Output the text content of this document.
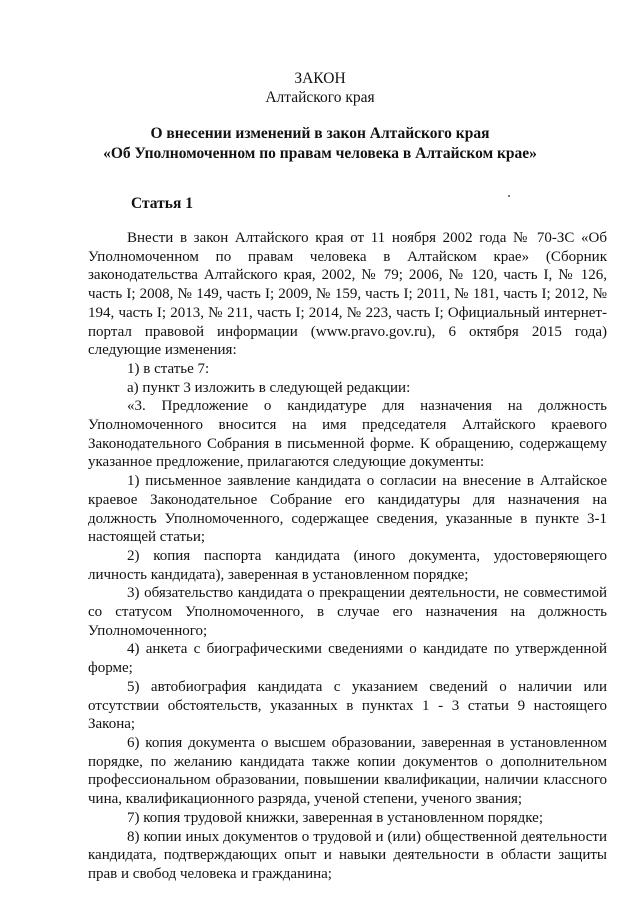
ЗАКОН
Алтайского края
О внесении изменений в закон Алтайского края
«Об Уполномоченном по правам человека в Алтайском крае»
Статья 1

Внести в закон Алтайского края от 11 ноября 2002 года № 70-ЗС «Об Уполномоченном по правам человека в Алтайском крае» (Сборник законодательства Алтайского края, 2002, № 79; 2006, № 120, часть I, № 126, часть I; 2008, № 149, часть I; 2009, № 159, часть I; 2011, № 181, часть I; 2012, № 194, часть I; 2013, № 211, часть I; 2014, № 223, часть I; Официальный интернет-портал правовой информации (www.pravo.gov.ru), 6 октября 2015 года) следующие изменения:

1) в статье 7:

а) пункт 3 изложить в следующей редакции:

«3. Предложение о кандидатуре для назначения на должность Уполномоченного вносится на имя председателя Алтайского краевого Законодательного Собрания в письменной форме. К обращению, содержащему указанное предложение, прилагаются следующие документы:

1) письменное заявление кандидата о согласии на внесение в Алтайское краевое Законодательное Собрание его кандидатуры для назначения на должность Уполномоченного, содержащее сведения, указанные в пункте 3-1 настоящей статьи;

2) копия паспорта кандидата (иного документа, удостоверяющего личность кандидата), заверенная в установленном порядке;

3) обязательство кандидата о прекращении деятельности, не совместимой со статусом Уполномоченного, в случае его назначения на должность Уполномоченного;

4) анкета с биографическими сведениями о кандидате по утвержденной форме;

5) автобиография кандидата с указанием сведений о наличии или отсутствии обстоятельств, указанных в пунктах 1 - 3 статьи 9 настоящего Закона;

6) копия документа о высшем образовании, заверенная в установленном порядке, по желанию кандидата также копии документов о дополнительном профессиональном образовании, повышении квалификации, наличии классного чина, квалификационного разряда, ученой степени, ученого звания;

7) копия трудовой книжки, заверенная в установленном порядке;

8) копии иных документов о трудовой и (или) общественной деятельности кандидата, подтверждающих опыт и навыки деятельности в области защиты прав и свобод человека и гражданина;
